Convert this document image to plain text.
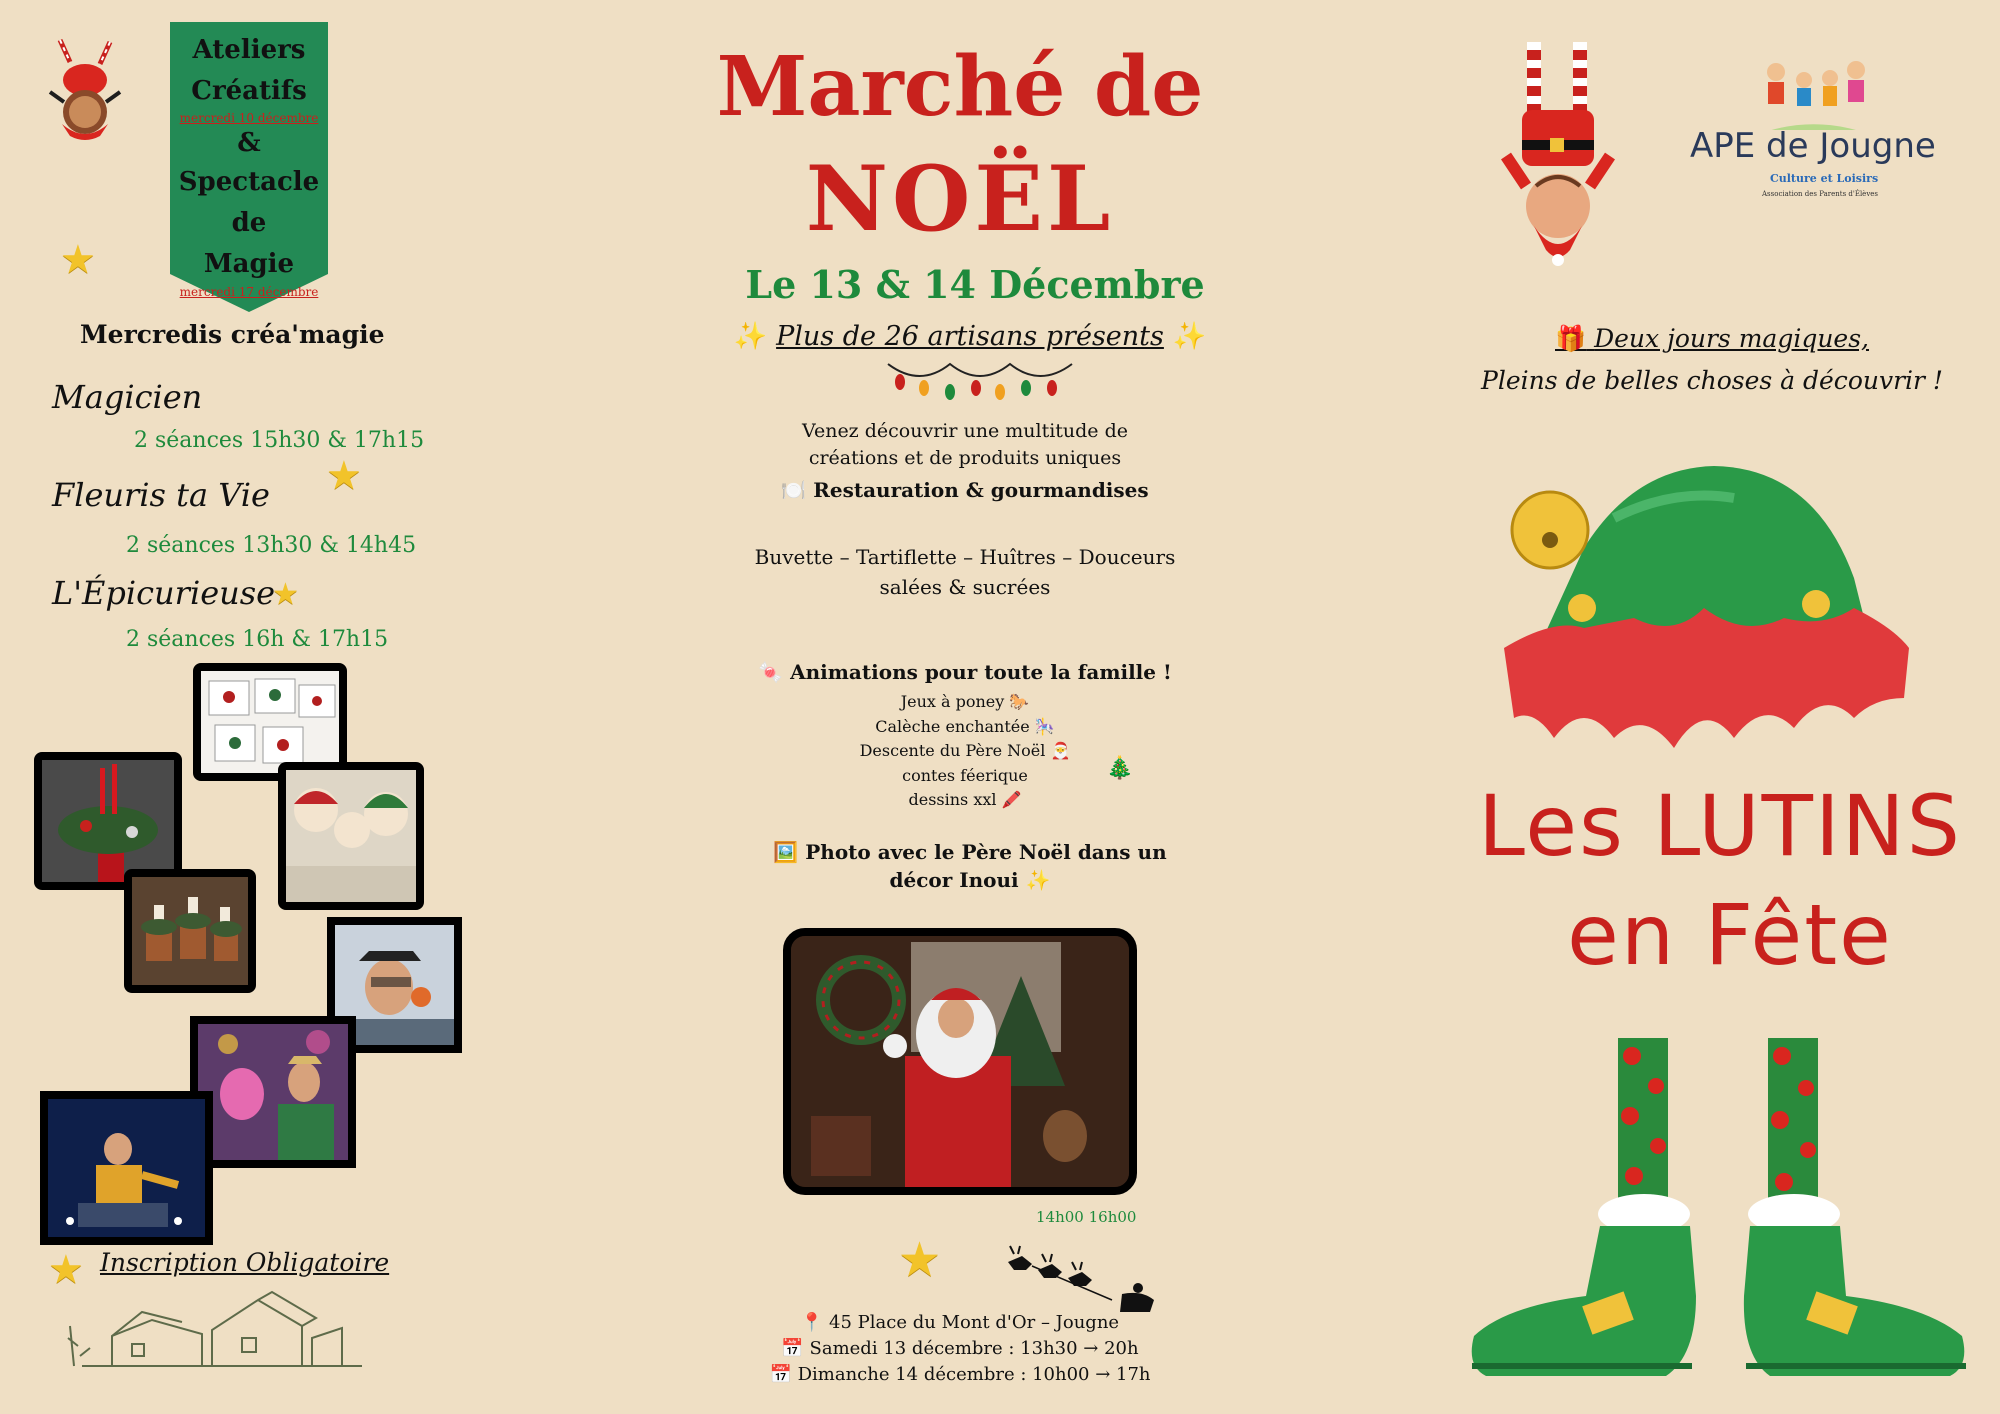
Ateliers
Créatifs
mercredi 10 décembre
&
Spectacle de
Magie
mercredi 17 décembre
★
Mercredis créa'magie
Magicien
2 séances 15h30 & 17h15
★
Fleuris ta Vie
2 séances 13h30 & 14h45
L'Épicurieuse
★
2 séances 16h & 17h15
★ Inscription Obligatoire
Marché de
NOËL
Le 13 & 14 Décembre
✨ Plus de 26 artisans présents ✨
Venez découvrir une multitude de
créations et de produits uniques
🍽️ Restauration & gourmandises
Buvette – Tartiflette – Huîtres – Douceurs
salées & sucrées
🍬 Animations pour toute la famille !
Jeux à poney 🐎
Calèche enchantée 🎠
Descente du Père Noël 🎅
contes féerique
dessins xxl 🖍️
🎄
🖼️ Photo avec le Père Noël dans un
décor Inoui ✨
14h00 16h00
★
📍 45 Place du Mont d'Or – Jougne
📅 Samedi 13 décembre : 13h30 → 20h
📅 Dimanche 14 décembre : 10h00 → 17h
APE de Jougne
Culture et Loisirs
Association des Parents d'Élèves
🎁 Deux jours magiques,
Pleins de belles choses à découvrir !
Les LUTINS
en Fête
